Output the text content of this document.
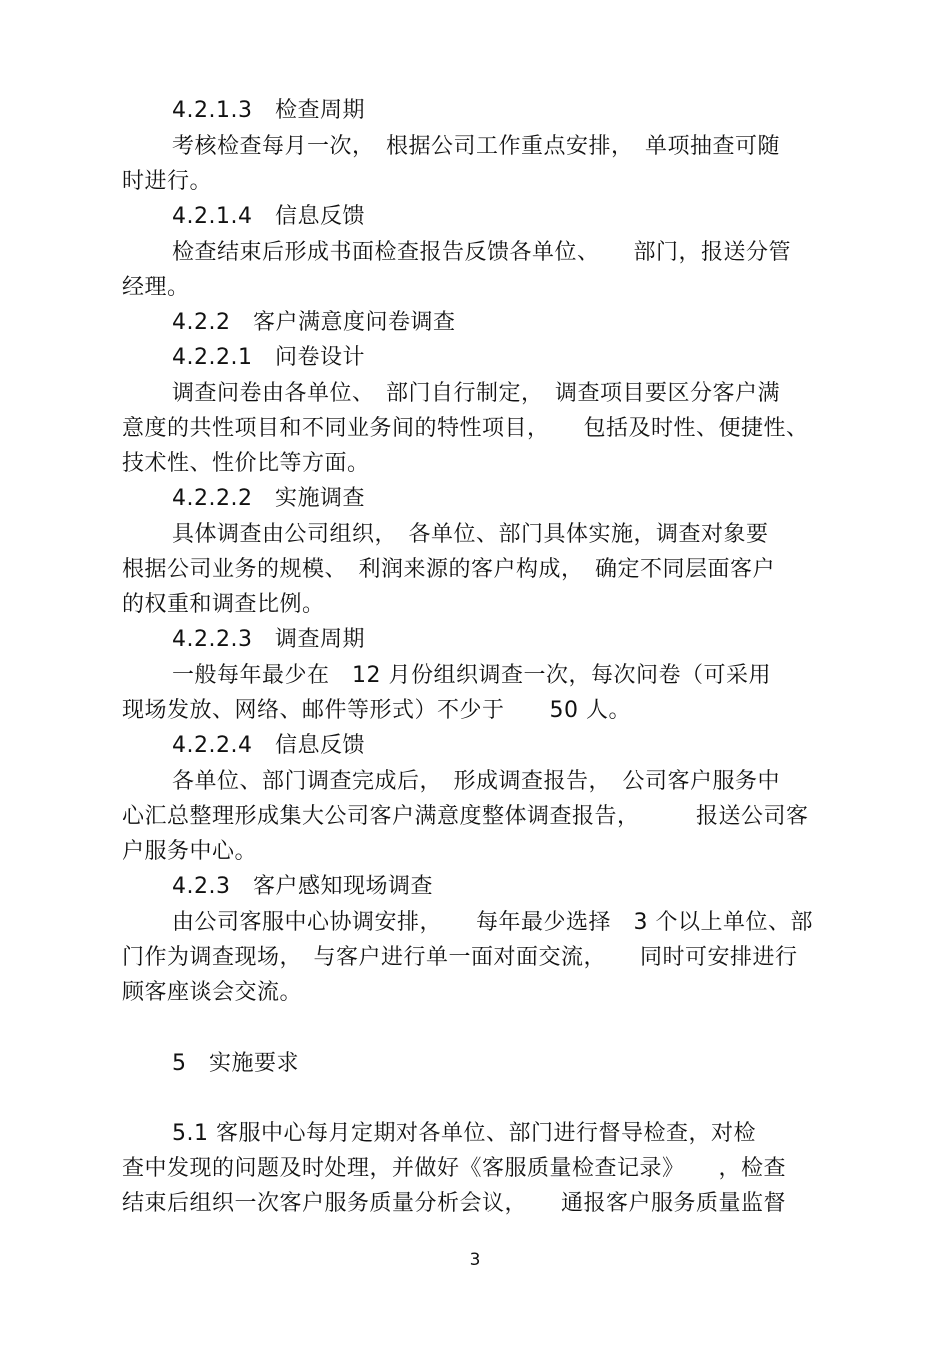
4.2.1.3　检查周期
考核检查每月一次，　根据公司工作重点安排，　单项抽查可随
时进行。
4.2.1.4　信息反馈
检查结束后形成书面检查报告反馈各单位、　　部门，报送分管
经理。
4.2.2　客户满意度问卷调查
4.2.2.1　问卷设计
调查问卷由各单位、　部门自行制定，　调查项目要区分客户满
意度的共性项目和不同业务间的特性项目，　　包括及时性、便捷性、
技术性、性价比等方面。
4.2.2.2　实施调查
具体调查由公司组织，　各单位、部门具体实施，调查对象要
根据公司业务的规模、　利润来源的客户构成，　确定不同层面客户
的权重和调查比例。
4.2.2.3　调查周期
一般每年最少在　12 月份组织调查一次，每次问卷（可采用
现场发放、网络、邮件等形式）不少于　　50 人。
4.2.2.4　信息反馈
各单位、部门调查完成后，　形成调查报告，　公司客户服务中
心汇总整理形成集大公司客户满意度整体调查报告，　　　报送公司客
户服务中心。
4.2.3　客户感知现场调查
由公司客服中心协调安排，　　每年最少选择　3 个以上单位、部
门作为调查现场，　与客户进行单一面对面交流，　　同时可安排进行
顾客座谈会交流。
5　实施要求
5.1 客服中心每月定期对各单位、部门进行督导检查，对检
查中发现的问题及时处理，并做好《客服质量检查记录》　　，检查
结束后组织一次客户服务质量分析会议，　　通报客户服务质量监督
3
